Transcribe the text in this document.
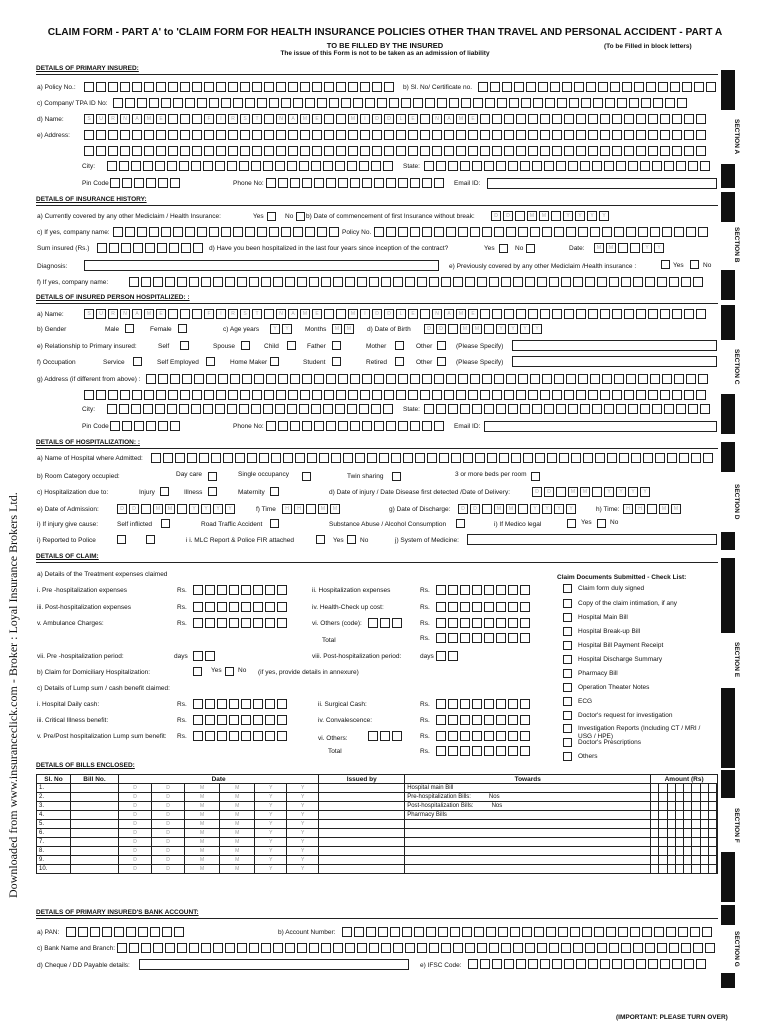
CLAIM FORM - PART A' to 'CLAIM FORM FOR HEALTH INSURANCE POLICIES OTHER THAN TRAVEL AND PERSONAL ACCIDENT - PART A
TO BE FILLED BY THE INSURED	(To be Filled in block letters)
The issue of this Form is not to be taken as an admission of liability
Downloaded from www.insuranceclick.com - Broker : Loyal Insurance Brokers Ltd.
DETAILS OF PRIMARY INSURED:
SECTION A
a) Policy No.:	b) Sl. No/ Certificate no.
c) Company/ TPA ID No:
d) Name:	S	U	R	N	A	M	E	F	I	R	S	T	N	A	M	E	M	I	D	D	L	E	N	A	M	E
e) Address:
City:	State:
Pin Code	Phone No:	Email ID:
DETAILS OF INSURANCE HISTORY:
SECTION B
a) Currently covered by any other Mediclaim / Health Insurance:	Yes	No b) Date of commencement of first Insurance without break:	D	D	M	M	Y	Y	Y	Y
c) If yes, company name:	Policy No.
Sum insured (Rs.)	d) Have you been hospitalized in the last four years since inception of the contract?	Yes	No	Date:	M	M	Y	Y
Diagnosis:	e) Previously covered by any other Mediclaim /Health insurance :	Yes	No
f) If yes, company name:
DETAILS OF INSURED PERSON HOSPITALIZED: :
SECTION C
a) Name:	S	U	R	N	A	M	E	F	I	R	S	T	N	A	M	E	M	I	D	D	L	E	N	A	M	E
b) Gender	Male	Female	c) Age years	Y	Y	Months	M	M	d) Date of Birth	D	D	M	M	Y	Y	Y	Y
e) Relationship to Primary insured:	Self	Spouse	Child	Father	Mother	Other	(Please Specify)
f) Occupation	Service	Self Employed	Home Maker	Student	Retired	Other	(Please Specify)
g) Address (if different from above) :
City:	State:
Pin Code	Phone No:	Email ID:
DETAILS OF HOSPITALIZATION: :
SECTION D
a) Name of Hospital where Admitted:
b) Room Category occupied:	Day care	Single occupancy	Twin sharing	3 or more beds per room
c) Hospitalization due to:	Injury	Illness	Maternity	d) Date of injury / Date Disease first detected /Date of Delivery:	D	D	M	M	Y	Y	Y	Y
e) Date of Admission:	D	D	M	M	Y	Y	Y	Y	f) Time	H	H	M	M	g) Date of Discharge:	D	D	M	M	Y	Y	Y	Y	h) Time:	H	H	M	M
i) If injury give cause:	Self inflicted	Road Traffic Accident	Substance Abuse / Alcohol Consumption	i) If Medico legal	Yes	No
i) Reported to Police	i i. MLC Report & Police FIR attached	Yes	No	j) System of Medicine:
DETAILS OF CLAIM:
SECTION E
a) Details of the Treatment expenses claimed	Claim Documents Submitted - Check List:
Claim form duly signed
Copy of the claim intimation, if any
Hospital Main Bill
Hospital Break-up Bill
Hospital Bill Payment Receipt
Hospital Discharge Summary
Pharmacy Bill
Operation Theater Notes
ECG
Doctor's request for investigation
Investigation Reports (Including CT / MRI / USG / HPE)
Doctor's Prescriptions
Others
i. Pre -hospitalization expenses	Rs.	ii. Hospitalization expenses	Rs.
iii. Post-hospitalization expenses	Rs.	iv. Health-Check up cost:	Rs.
v. Ambulance Charges:	Rs.	vi. Others (code):	Rs.
Total	Rs.
vii. Pre -hospitalization period:	days	viii. Post-hospitalization period:	days
b) Claim for Domiciliary Hospitalization:	Yes	No (if yes, provide details in annexure)
c) Details of Lump sum / cash benefit claimed:
i. Hospital Daily cash:	Rs.	ii. Surgical Cash:	Rs.
iii. Critical Illness benefit:	Rs.	iv. Convalescence:	Rs.
v. Pre/Post hospitalization Lump sum benefit: Rs.	vi. Others:	Rs.
Total	Rs.
DETAILS OF BILLS ENCLOSED:
SECTION F
Sl. No	Bill No.	Date						Issued by	Towards	Amount (Rs)
1.		D	D	M	M	Y	Y		Hospital main Bill	

2.		D	D	M	M	Y	Y		Pre-hospitalization Bills: Nos	

3.		D	D	M	M	Y	Y		Post-hospitalization Bills: Nos	

4.		D	D	M	M	Y	Y		Pharmacy Bills	

5.		D	D	M	M	Y	Y			

6.		D	D	M	M	Y	Y			

7.		D	D	M	M	Y	Y			

8.		D	D	M	M	Y	Y			

9.		D	D	M	M	Y	Y			

10.		D	D	M	M	Y	Y			
DETAILS OF PRIMARY INSURED'S BANK ACCOUNT:
SECTION G
a) PAN:	b) Account Number:
c) Bank Name and Branch:
d) Cheque / DD Payable details:	e) IFSC Code:
(IMPORTANT: PLEASE TURN OVER)
